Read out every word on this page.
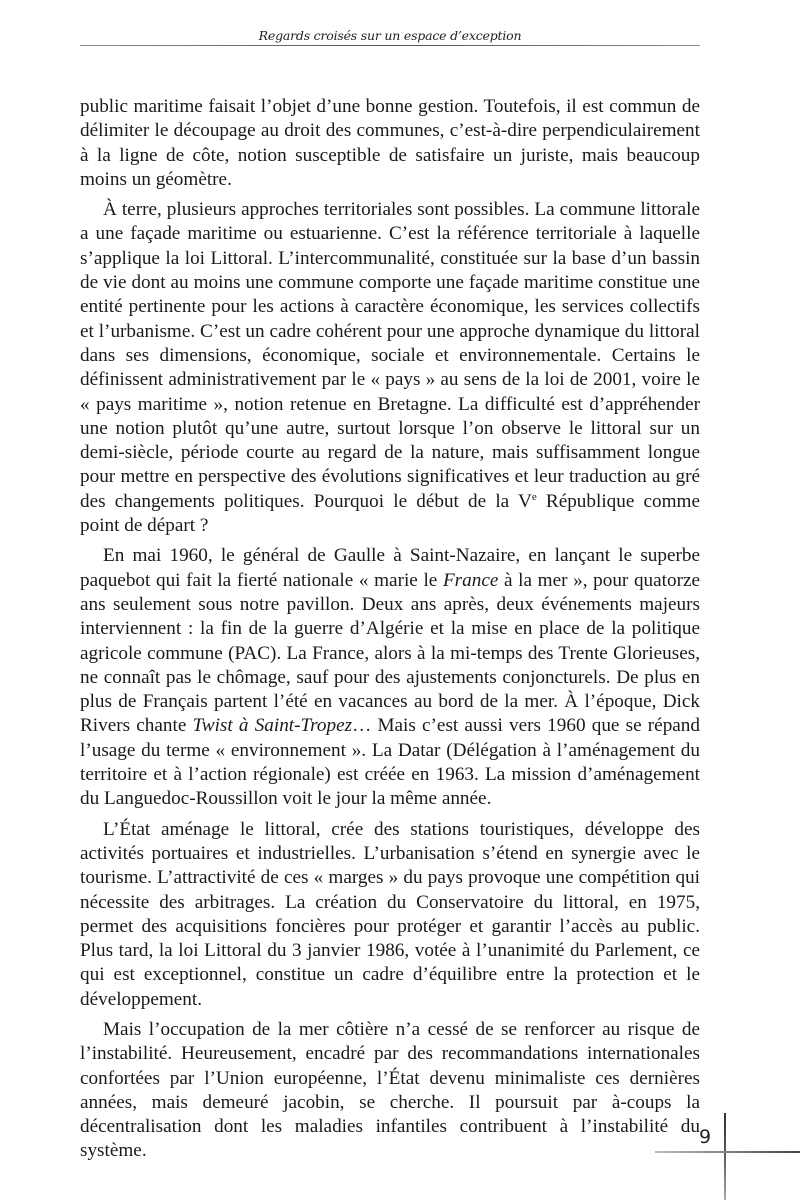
Regards croisés sur un espace d’exception

public maritime faisait l’objet d’une bonne gestion. Toutefois, il est commun de délimiter le découpage au droit des communes, c’est-à-dire perpendiculairement à la ligne de côte, notion susceptible de satisfaire un juriste, mais beaucoup moins un géomètre.

À terre, plusieurs approches territoriales sont possibles. La commune littorale a une façade maritime ou estuarienne. C’est la référence territoriale à laquelle s’applique la loi Littoral. L’intercommunalité, constituée sur la base d’un bassin de vie dont au moins une commune comporte une façade maritime constitue une entité pertinente pour les actions à caractère économique, les services collectifs et l’urbanisme. C’est un cadre cohérent pour une approche dynamique du littoral dans ses dimensions, économique, sociale et environnementale. Certains le définissent administrativement par le « pays » au sens de la loi de 2001, voire le « pays maritime », notion retenue en Bretagne. La difficulté est d’appréhender une notion plutôt qu’une autre, surtout lorsque l’on observe le littoral sur un demi-siècle, période courte au regard de la nature, mais suffisamment longue pour mettre en perspective des évolutions significatives et leur traduction au gré des changements politiques. Pourquoi le début de la Ve République comme point de départ ?

En mai 1960, le général de Gaulle à Saint-Nazaire, en lançant le superbe paquebot qui fait la fierté nationale « marie le France à la mer », pour quatorze ans seulement sous notre pavillon. Deux ans après, deux événements majeurs interviennent : la fin de la guerre d’Algérie et la mise en place de la politique agricole commune (PAC). La France, alors à la mi-temps des Trente Glorieuses, ne connaît pas le chômage, sauf pour des ajustements conjoncturels. De plus en plus de Français partent l’été en vacances au bord de la mer. À l’époque, Dick Rivers chante Twist à Saint-Tropez… Mais c’est aussi vers 1960 que se répand l’usage du terme « environnement ». La Datar (Délégation à l’aménagement du territoire et à l’action régionale) est créée en 1963. La mission d’aménagement du Languedoc-Roussillon voit le jour la même année.

L’État aménage le littoral, crée des stations touristiques, développe des activités portuaires et industrielles. L’urbanisation s’étend en synergie avec le tourisme. L’attractivité de ces « marges » du pays provoque une compétition qui nécessite des arbitrages. La création du Conservatoire du littoral, en 1975, permet des acquisitions foncières pour protéger et garantir l’accès au public. Plus tard, la loi Littoral du 3 janvier 1986, votée à l’unanimité du Parlement, ce qui est exceptionnel, constitue un cadre d’équilibre entre la protection et le développement.

Mais l’occupation de la mer côtière n’a cessé de se renforcer au risque de l’instabilité. Heureusement, encadré par des recommandations internationales confortées par l’Union européenne, l’État devenu minimaliste ces dernières années, mais demeuré jacobin, se cherche. Il poursuit par à-coups la décentralisation dont les maladies infantiles contribuent à l’instabilité du système.

9
